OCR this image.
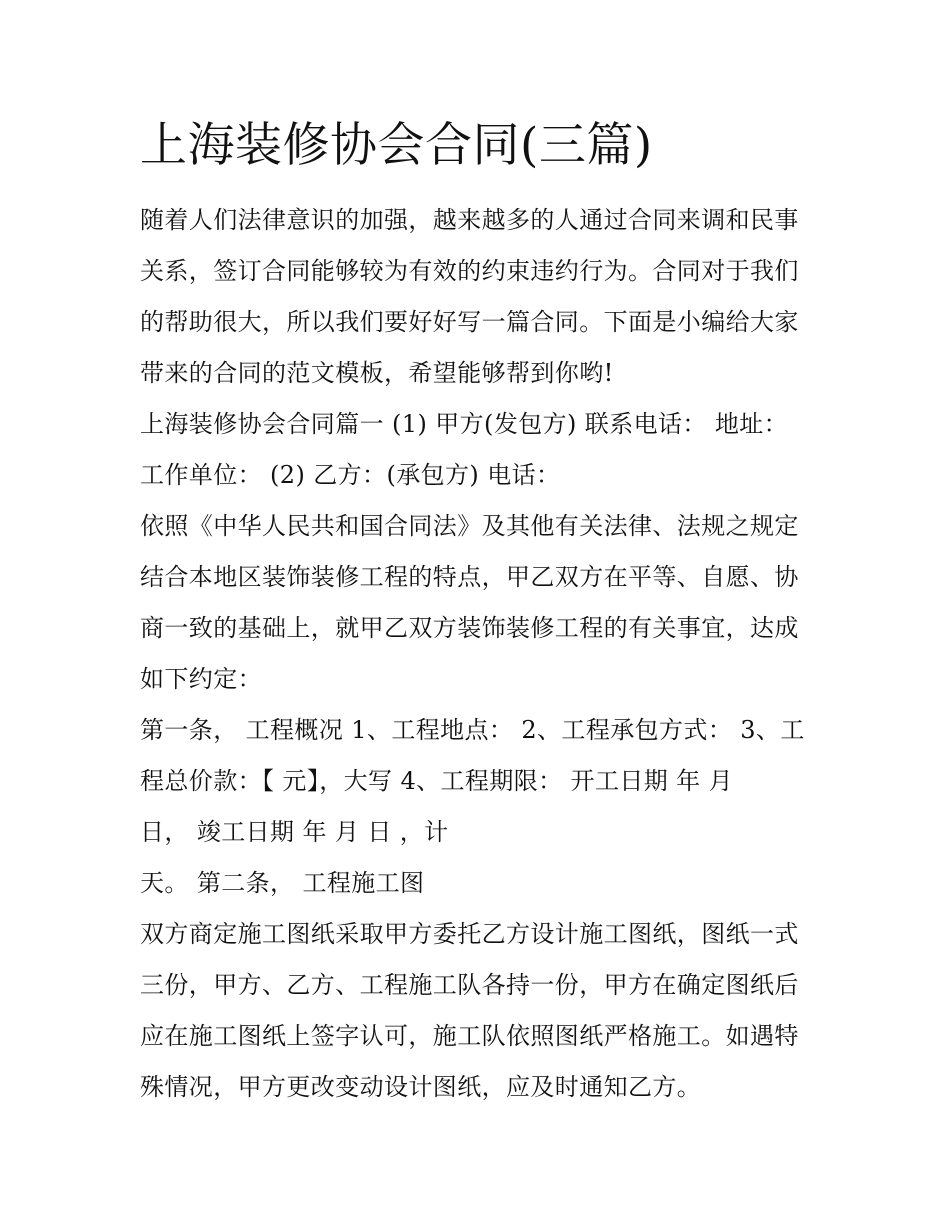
上海装修协会合同(三篇)
随着人们法律意识的加强，越来越多的人通过合同来调和民事
关系，签订合同能够较为有效的约束违约行为。合同对于我们
的帮助很大，所以我们要好好写一篇合同。下面是小编给大家
带来的合同的范文模板，希望能够帮到你哟!
上海装修协会合同篇一 (1) 甲方(发包方) 联系电话： 地址：
工作单位： (2) 乙方：(承包方) 电话：
依照《中华人民共和国合同法》及其他有关法律、法规之规定
结合本地区装饰装修工程的特点，甲乙双方在平等、自愿、协
商一致的基础上，就甲乙双方装饰装修工程的有关事宜，达成
如下约定：
第一条， 工程概况 1、工程地点： 2、工程承包方式： 3、工
程总价款：【 元】，大写 4、工程期限： 开工日期 年 月
日， 竣工日期 年 月 日 ，计
天。 第二条， 工程施工图
双方商定施工图纸采取甲方委托乙方设计施工图纸，图纸一式
三份，甲方、乙方、工程施工队各持一份，甲方在确定图纸后
应在施工图纸上签字认可，施工队依照图纸严格施工。如遇特
殊情况，甲方更改变动设计图纸，应及时通知乙方。
